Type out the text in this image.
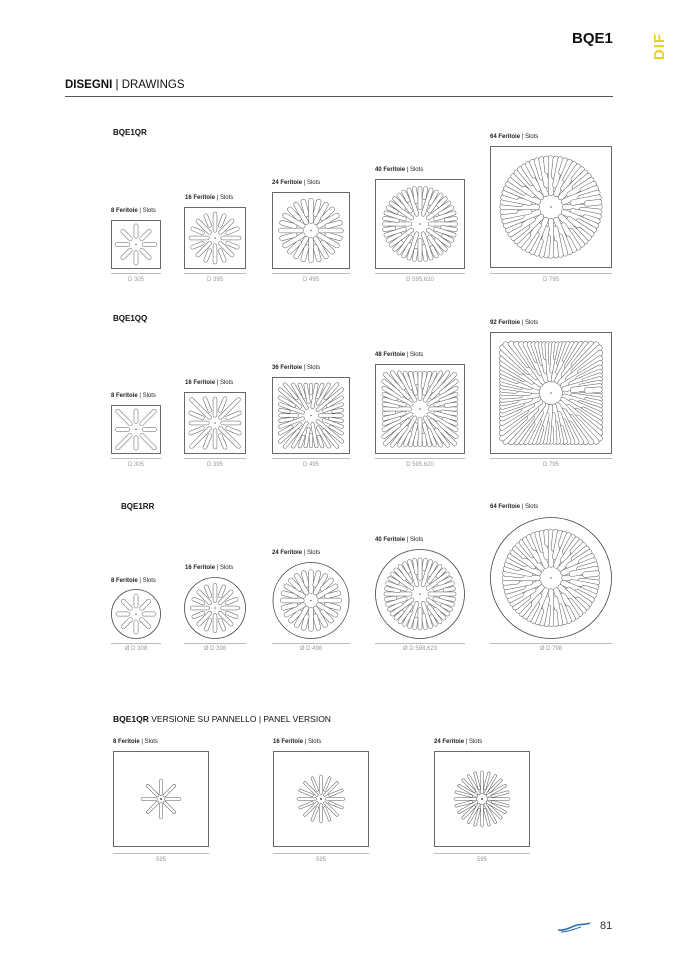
BQE1	DIF
DISEGNI | DRAWINGS
BQE1QR
8 Feritoie | Slots
16 Feritoie | Slots
24 Feritoie | Slots
40 Feritoie | Slots
64 Feritoie | Slots
D 305	D 395	D 495	D 595,620	D 795
BQE1QQ
8 Feritoie | Slots
16 Feritoie | Slots
36 Feritoie | Slots
48 Feritoie | Slots
92 Feritoie | Slots
D 305	D 395	D 495	D 595,620	D 795
BQE1RR
8 Feritoie | Slots
16 Feritoie | Slots
24 Feritoie | Slots
40 Feritoie | Slots
64 Feritoie | Slots
Ø D 308	Ø D 398	Ø D 498	Ø D 598,623	Ø D 798
BQE1QR VERSIONE SU PANNELLO | PANEL VERSION
8 Feritoie | Slots	16 Feritoie | Slots	24 Feritoie | Slots
595	595	595
81
